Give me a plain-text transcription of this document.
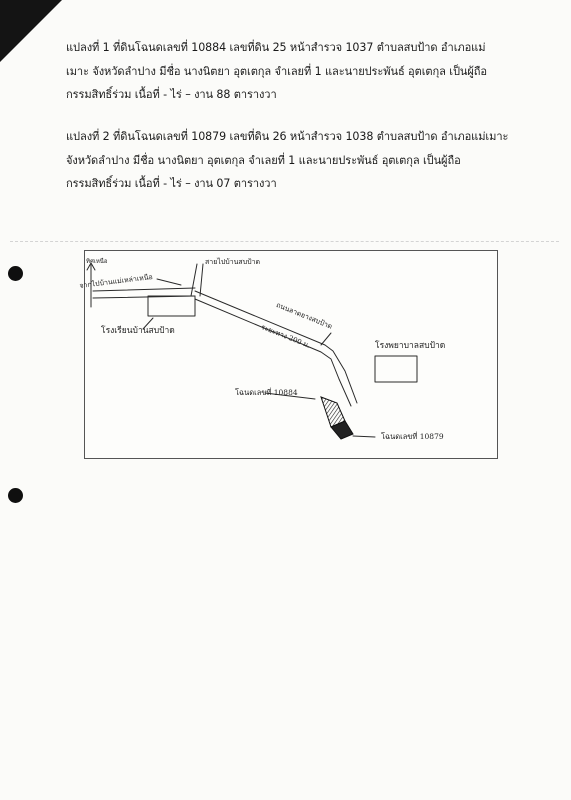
แปลงที่ 1 ที่ดินโฉนดเลขที่ 10884 เลขที่ดิน 25 หน้าสำรวจ 1037 ตำบลสบป้าด อำเภอแม่
เมาะ จังหวัดลำปาง มีชื่อ นางนิตยา อุตเตกุล จำเลยที่ 1 และนายประพันธ์ อุตเตกุล เป็นผู้ถือ
กรรมสิทธิ์ร่วม เนื้อที่ - ไร่ – งาน 88 ตารางวา
แปลงที่ 2 ที่ดินโฉนดเลขที่ 10879 เลขที่ดิน 26 หน้าสำรวจ 1038 ตำบลสบป้าด อำเภอแม่เมาะ
จังหวัดลำปาง มีชื่อ นางนิตยา อุตเตกุล จำเลยที่ 1 และนายประพันธ์ อุตเตกุล เป็นผู้ถือ
กรรมสิทธิ์ร่วม เนื้อที่ - ไร่ – งาน 07 ตารางวา
ทิศเหนือ
จากไปบ้านแม่เหล่าเหนือ
สายไปบ้านสบป้าด
โรงเรียนบ้านสบป้าด
ถนนลาดยางสบป้าด
ระยะทาง 200 ม.	โรงพยาบาลสบป้าด
โฉนดเลขที่ 10884
โฉนดเลขที่ 10879
